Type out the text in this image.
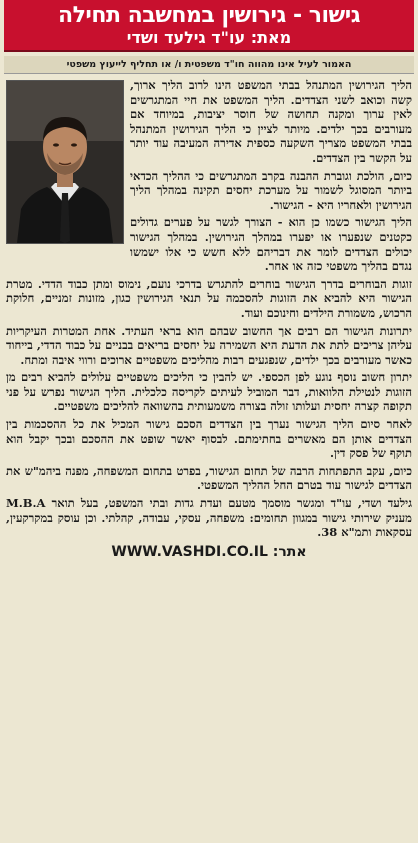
גישור - גירושין במחשבה תחילה
מאת: עו"ד גילעד ושדי
האמור לעיל אינו מהווה חו"ד משפטית ו/ או תחליף לייעוץ משפטי

הליך הגירושין המתנהל בבתי המשפט הינו לרוב הליך ארוך, קשה וכואב לשני הצדדים. הליך המשפט את חיי המתגרשים לאין ערוך ומקנה תחושה של חוסר יציבות, במיוחד אם מעורבים בכך ילדים. מיותר לציין כי הליך הגירושין המתנהל בבתי המשפט מצריך השקעה כספית אדירה המעיבה עוד יותר על הקשר בין הצדדים.

כיום, הולכת וגוברת ההבנה בקרב המתגרשים כי ההליך הכדאי ביותר המסוגל לשמור על מערכת יחסים תקינה במהלך הליך הגירושין ולאחריו היא - הגישור.

הליך הגישור כשמו כן הוא - הצורך לגשר על פערים גדולים כקטנים שנפערו או יפערו במהלך הגירושין. במהלך הגישור יכולים הצדדים לומר את דבריהם ללא חשש כי אלו ישמשו נגדם בהליך משפטי כזה או אחר.

זוגות הבוחרים בדרך הגישור בוחרים להתגרש בדרכי נועם, נימוס ומתן כבוד הדדי. מטרת הגישור היא להביא את הזוגות להסכמה על תנאי הגירושין כגון, מזונות זמניים, חלוקת הרכוש, משמורת הילדים וחינוכם ועוד.

יתרונות הגישור הם רבים אך החשוב שבהם הוא בראי העתיד. אחת המטרות העיקריות עליהן צריכים לתת את הדעת היא השמירה על יחסים בריאים בבניים על כבוד הדדי, בייחוד כאשר מעורבים בכך ילדים, שנפגעים רבות מהליכים משפטיים ארוכים ורווי איבה ומתח.

יתרון חשוב נוסף נוגע לפן הכספי. יש להבין כי הליכים משפטיים עלולים להביא רבים מן הזוגות לנטילת הלוואות, דבר המוביל לעיתים לקריסה כלכלית. הליך הגישור נפרש על פני תקופה קצרה יחסית ועלותו זולה בצורה משמעותית בהשוואה להליכים משפטיים.

לאחר סיום הליך הגישור נערך בין הצדדים הסכם גישור המכיל את כל ההסכמות בין הצדדים אותן הם מאשרים בחתימתם. לבסוף יאשר שופט את ההסכם ובכך יקבל הוא תוקף של פסק דין.

כיום, עקב התפתחות הרבה של תחום הגישור, בפרט בתחום המשפחה, מפנה ביהמ"ש את הצדדים לגישור עוד בטרם החל ההליך המשפטי.

גילעד ושדי, עו"ד ומגשר מוסמך מטעם ועדת גדות ובתי המשפט, בעל תואר M.B.A מעניק שירותי גישור במגוון תחומים: משפחה, עסקי, עבודה, קהלתי. וכן עוסק במקרקעין, עסקאות ותמ"א 38.

אתר: WWW.VASHDI.CO.IL
